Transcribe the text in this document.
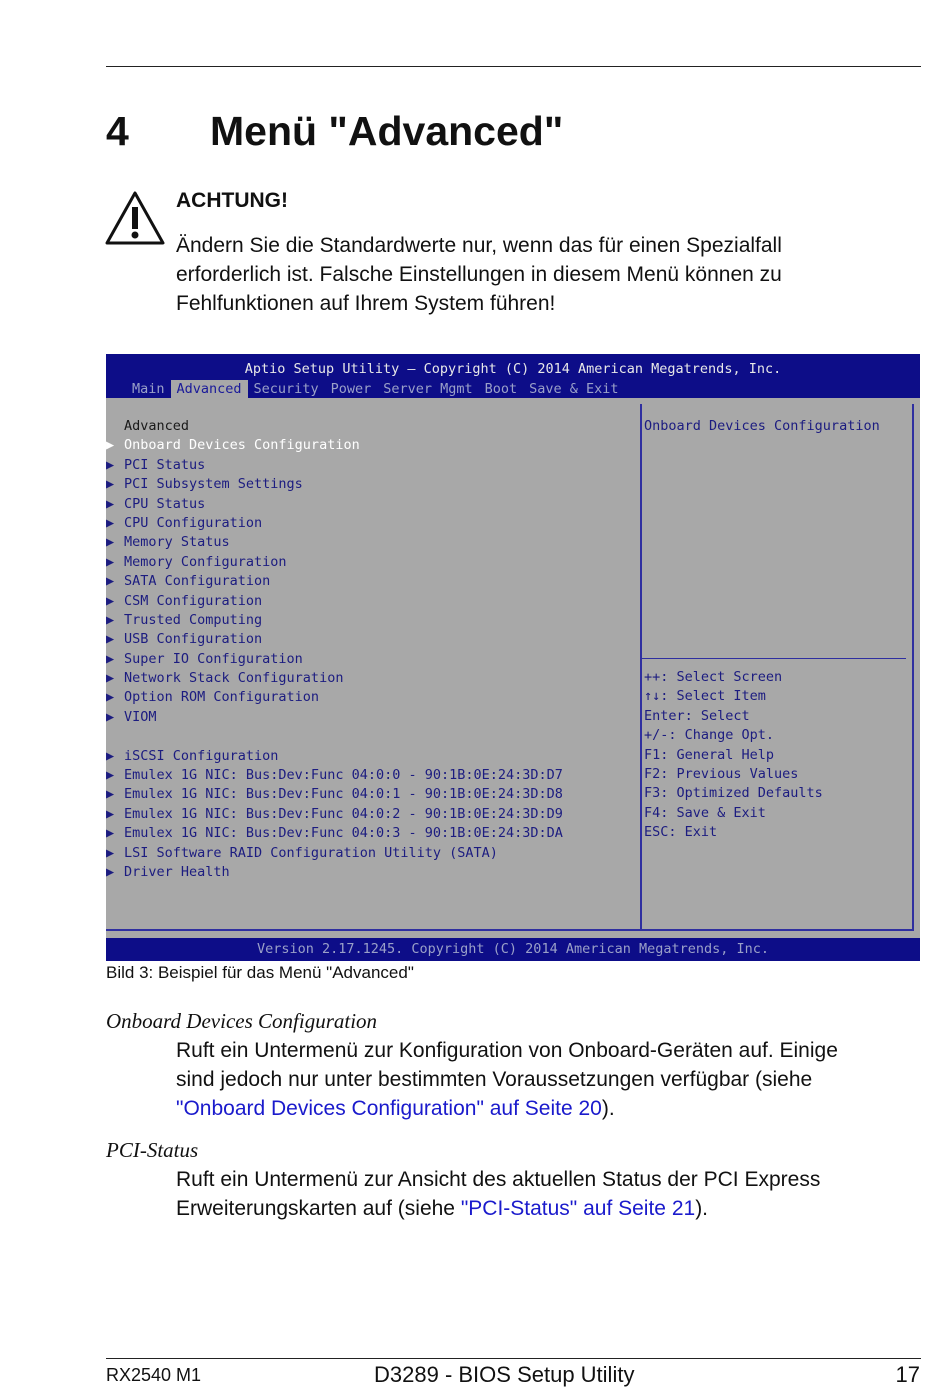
4 Menü "Advanced"
ACHTUNG!
Ändern Sie die Standardwerte nur, wenn das für einen Spezialfall
erforderlich ist. Falsche Einstellungen in diesem Menü können zu
Fehlfunktionen auf Ihrem System führen!
Aptio Setup Utility – Copyright (C) 2014 American Megatrends, Inc.
Main Advanced Security Power Server Mgmt Boot Save & Exit
Advanced
▶ Onboard Devices Configuration
▶ PCI Status
▶ PCI Subsystem Settings
▶ CPU Status
▶ CPU Configuration
▶ Memory Status
▶ Memory Configuration
▶ SATA Configuration
▶ CSM Configuration
▶ Trusted Computing
▶ USB Configuration
▶ Super IO Configuration
▶ Network Stack Configuration
▶ Option ROM Configuration
▶ VIOM
▶ iSCSI Configuration
▶ Emulex 1G NIC: Bus:Dev:Func 04:0:0 - 90:1B:0E:24:3D:D7
▶ Emulex 1G NIC: Bus:Dev:Func 04:0:1 - 90:1B:0E:24:3D:D8
▶ Emulex 1G NIC: Bus:Dev:Func 04:0:2 - 90:1B:0E:24:3D:D9
▶ Emulex 1G NIC: Bus:Dev:Func 04:0:3 - 90:1B:0E:24:3D:DA
▶ LSI Software RAID Configuration Utility (SATA)
▶ Driver Health
Onboard Devices Configuration
++: Select Screen
↑↓: Select Item
Enter: Select
+/-: Change Opt.
F1: General Help
F2: Previous Values
F3: Optimized Defaults
F4: Save & Exit
ESC: Exit
Version 2.17.1245. Copyright (C) 2014 American Megatrends, Inc.
Bild 3: Beispiel für das Menü "Advanced"
Onboard Devices Configuration
Ruft ein Untermenü zur Konfiguration von Onboard-Geräten auf. Einige
sind jedoch nur unter bestimmten Voraussetzungen verfügbar (siehe
"Onboard Devices Configuration" auf Seite 20).
PCI-Status
Ruft ein Untermenü zur Ansicht des aktuellen Status der PCI Express
Erweiterungskarten auf (siehe "PCI-Status" auf Seite 21).
RX2540 M1	D3289 - BIOS Setup Utility	17
